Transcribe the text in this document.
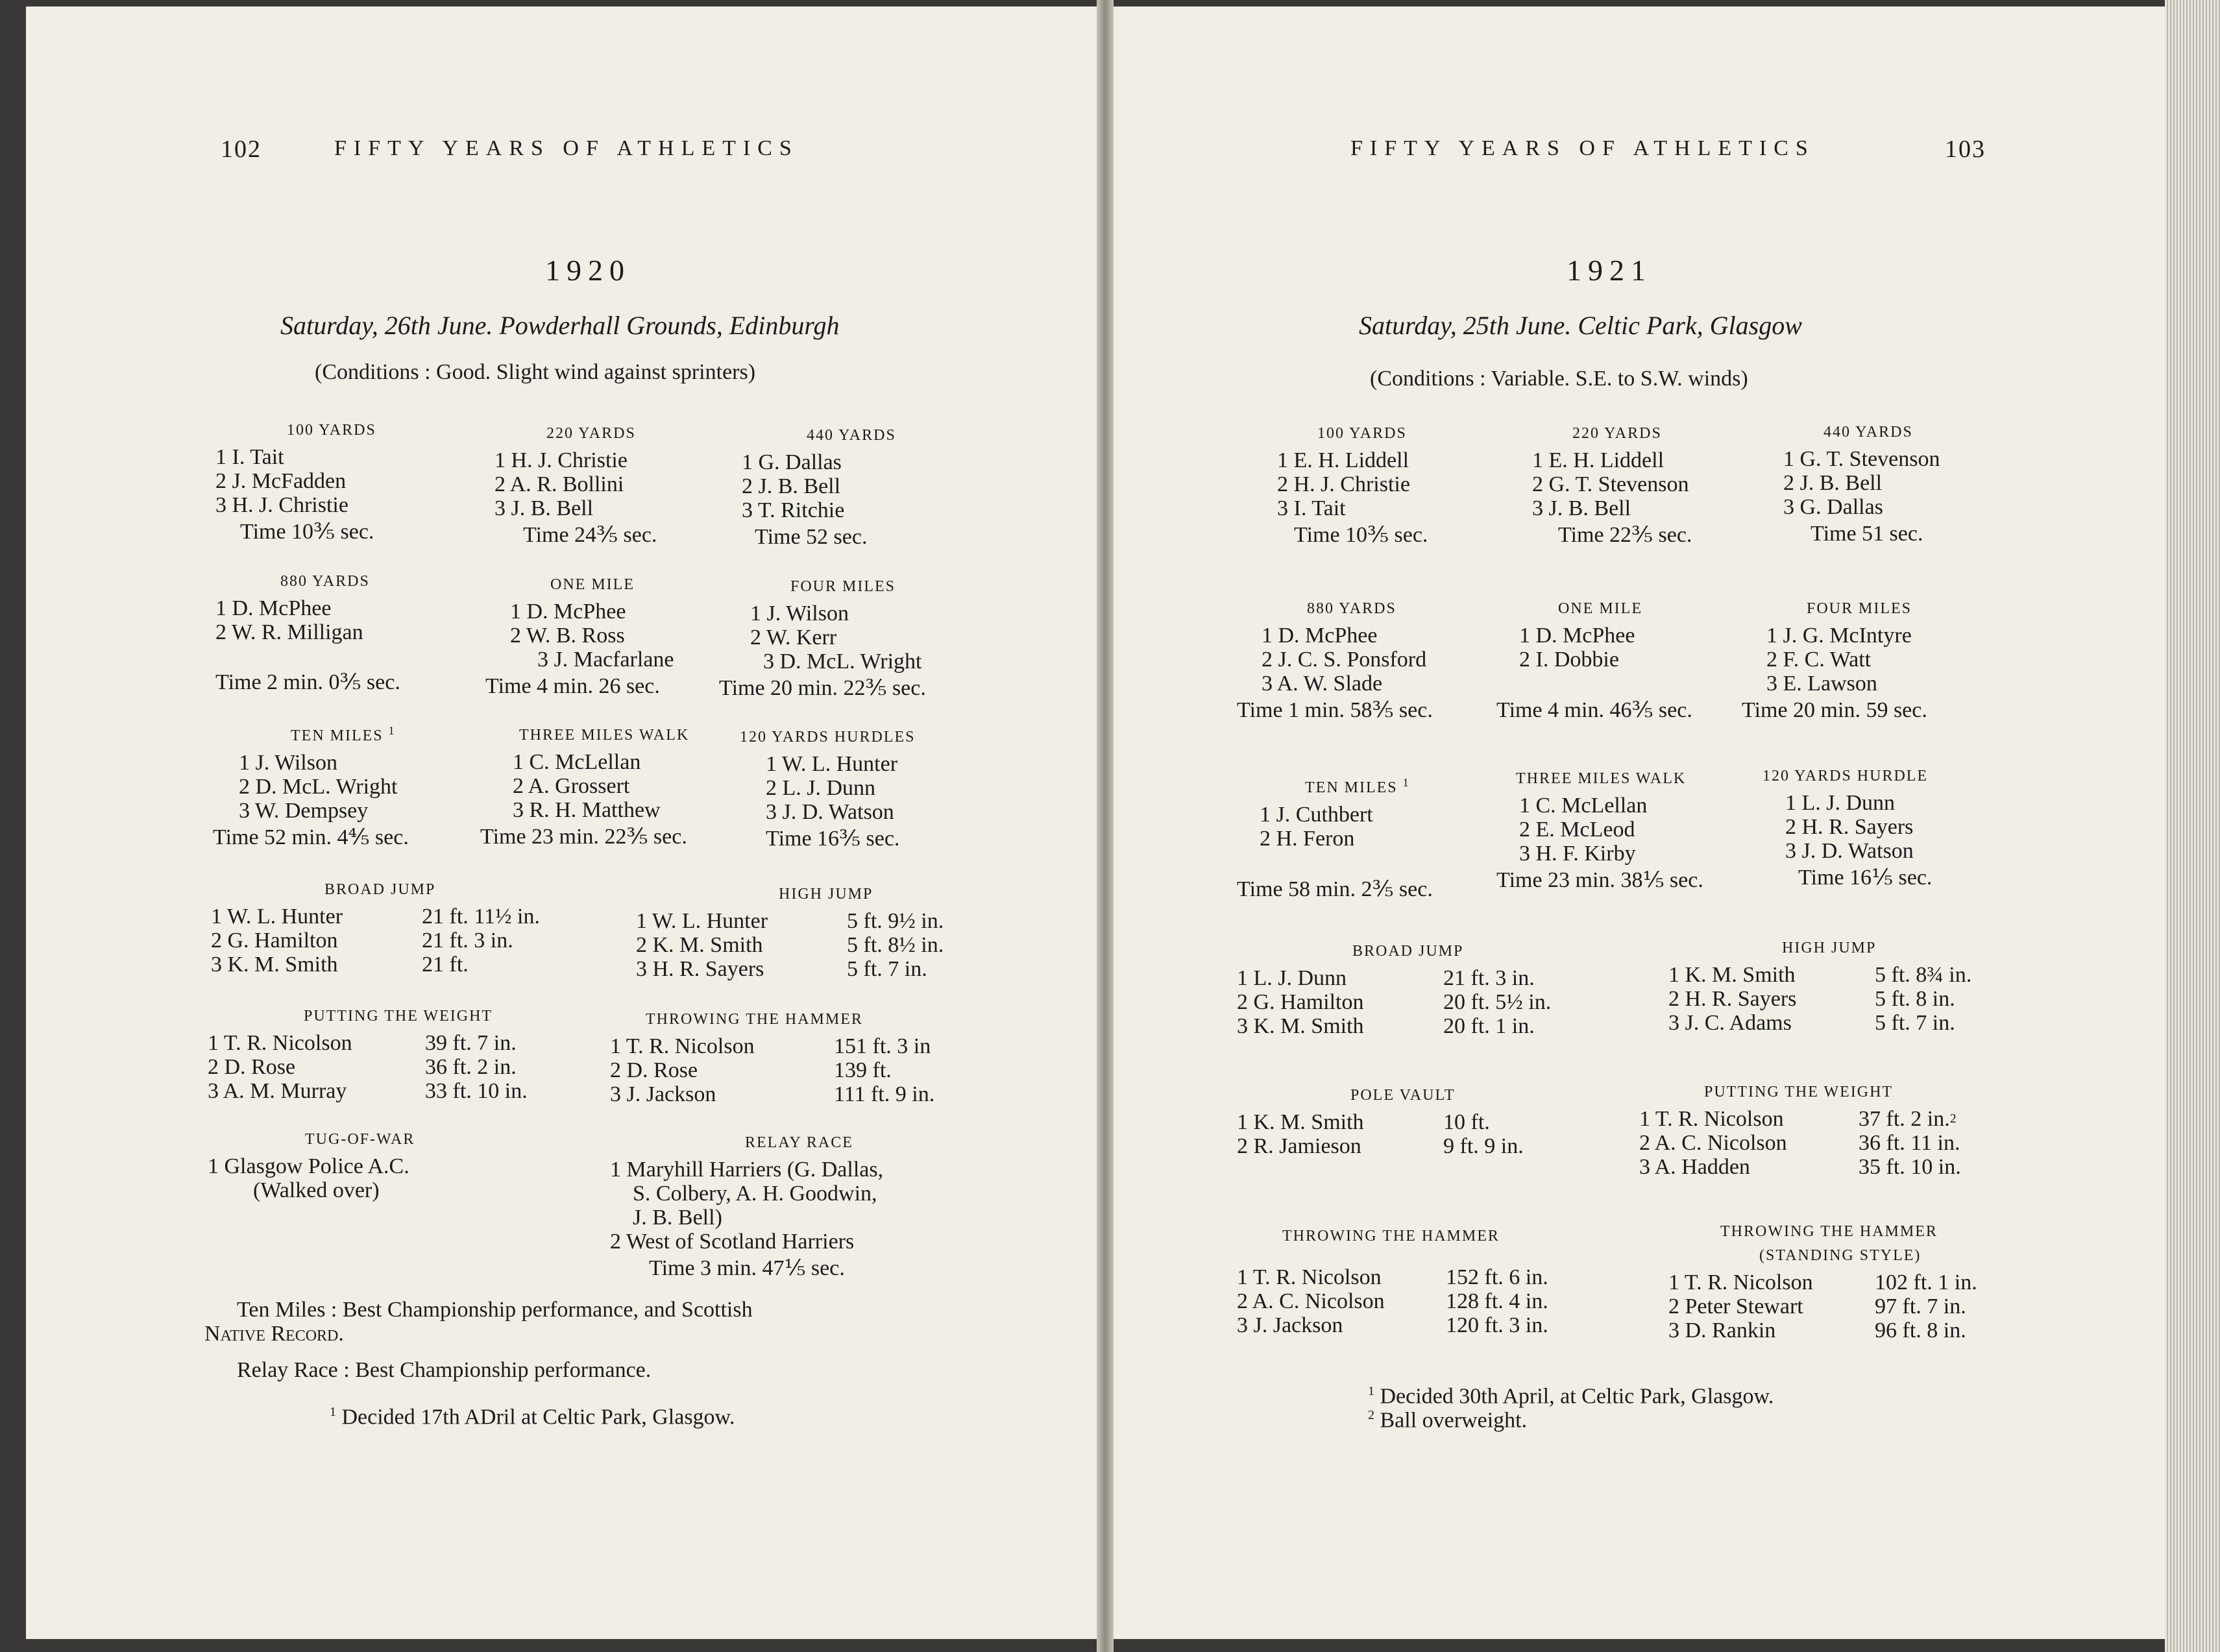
102	FIFTY YEARS OF ATHLETICS
1920
Saturday, 26th June. Powderhall Grounds, Edinburgh
(Conditions : Good. Slight wind against sprinters)
100 YARDS
1 I. Tait
2 J. McFadden
3 H. J. Christie
Time 10⅗ sec.
220 YARDS
1 H. J. Christie
2 A. R. Bollini
3 J. B. Bell
Time 24⅗ sec.
440 YARDS
1 G. Dallas
2 J. B. Bell
3 T. Ritchie
Time 52 sec.
880 YARDS
1 D. McPhee
2 W. R. Milligan
Time 2 min. 0⅗ sec.
ONE MILE
1 D. McPhee
2 W. B. Ross
3 J. Macfarlane
Time 4 min. 26 sec.
FOUR MILES
1 J. Wilson
2 W. Kerr
3 D. McL. Wright
Time 20 min. 22⅗ sec.
TEN MILES $^1$
1 J. Wilson
2 D. McL. Wright
3 W. Dempsey
Time 52 min. 4⅘ sec.
THREE MILES WALK
1 C. McLellan
2 A. Grossert
3 R. H. Matthew
Time 23 min. 22⅗ sec.
120 YARDS HURDLES
1 W. L. Hunter
2 L. J. Dunn
3 J. D. Watson
Time 16⅗ sec.
BROAD JUMP
1 W. L. Hunter	21 ft. 11½ in.
2 G. Hamilton	21 ft. 3 in.
3 K. M. Smith	21 ft.
HIGH JUMP
1 W. L. Hunter	5 ft. 9½ in.
2 K. M. Smith	5 ft. 8½ in.
3 H. R. Sayers	5 ft. 7 in.
PUTTING THE WEIGHT
1 T. R. Nicolson	39 ft. 7 in.
2 D. Rose	36 ft. 2 in.
3 A. M. Murray	33 ft. 10 in.
THROWING THE HAMMER
1 T. R. Nicolson	151 ft. 3 in
2 D. Rose	139 ft.
3 J. Jackson	111 ft. 9 in.
TUG-OF-WAR
1 Glasgow Police A.C.
(Walked over)
RELAY RACE
1 Maryhill Harriers (G. Dallas,
S. Colbery, A. H. Goodwin,
J. B. Bell)
2 West of Scotland Harriers
Time 3 min. 47⅕ sec.
Ten Miles : Best Championship performance, and Scottish
Native Record.
Relay Race : Best Championship performance.
$^1$ Decided 17th ADril at Celtic Park, Glasgow.
FIFTY YEARS OF ATHLETICS	103
1921
Saturday, 25th June. Celtic Park, Glasgow
(Conditions : Variable. S.E. to S.W. winds)
100 YARDS
1 E. H. Liddell
2 H. J. Christie
3 I. Tait
Time 10⅗ sec.
220 YARDS
1 E. H. Liddell
2 G. T. Stevenson
3 J. B. Bell
Time 22⅗ sec.
440 YARDS
1 G. T. Stevenson
2 J. B. Bell
3 G. Dallas
Time 51 sec.
880 YARDS
1 D. McPhee
2 J. C. S. Ponsford
3 A. W. Slade
Time 1 min. 58⅗ sec.
ONE MILE
1 D. McPhee
2 I. Dobbie
Time 4 min. 46⅗ sec.
FOUR MILES
1 J. G. McIntyre
2 F. C. Watt
3 E. Lawson
Time 20 min. 59 sec.
TEN MILES $^1$
1 J. Cuthbert
2 H. Feron
Time 58 min. 2⅗ sec.
THREE MILES WALK
1 C. McLellan
2 E. McLeod
3 H. F. Kirby
Time 23 min. 38⅕ sec.
120 YARDS HURDLE
1 L. J. Dunn
2 H. R. Sayers
3 J. D. Watson
Time 16⅕ sec.
BROAD JUMP
1 L. J. Dunn	21 ft. 3 in.
2 G. Hamilton	20 ft. 5½ in.
3 K. M. Smith	20 ft. 1 in.
HIGH JUMP
1 K. M. Smith	5 ft. 8¾ in.
2 H. R. Sayers	5 ft. 8 in.
3 J. C. Adams	5 ft. 7 in.
POLE VAULT
1 K. M. Smith	10 ft.
2 R. Jamieson	9 ft. 9 in.
PUTTING THE WEIGHT
1 T. R. Nicolson	37 ft. 2 in. 2
2 A. C. Nicolson	36 ft. 11 in.
3 A. Hadden	35 ft. 10 in.
THROWING THE HAMMER
1 T. R. Nicolson	152 ft. 6 in.
2 A. C. Nicolson	128 ft. 4 in.
3 J. Jackson	120 ft. 3 in.
THROWING THE HAMMER
(STANDING STYLE)
1 T. R. Nicolson	102 ft. 1 in.
2 Peter Stewart	97 ft. 7 in.
3 D. Rankin	96 ft. 8 in.
$^1$ Decided 30th April, at Celtic Park, Glasgow.
$^2$ Ball overweight.
